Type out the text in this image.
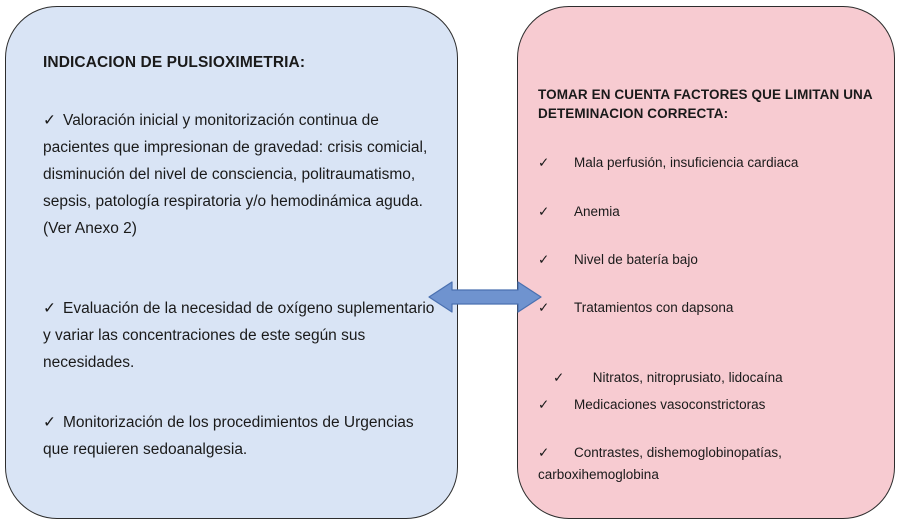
INDICACION DE PULSIOXIMETRIA:

✓ Valoración inicial y monitorización continua de pacientes que impresionan de gravedad: crisis comicial, disminución del nivel de consciencia, politraumatismo, sepsis, patología respiratoria y/o hemodinámica aguda. (Ver Anexo 2)

✓ Evaluación de la necesidad de oxígeno suplementario y variar las concentraciones de este según sus necesidades.

✓ Monitorización de los procedimientos de Urgencias que requieren sedoanalgesia.

TOMAR EN CUENTA FACTORES QUE LIMITAN UNA DETEMINACION CORRECTA:

✓ Mala perfusión, insuficiencia cardiaca

✓ Anemia

✓ Nivel de batería bajo

✓ Tratamientos con dapsona

✓ Nitratos, nitroprusiato, lidocaína

✓ Medicaciones vasoconstrictoras

✓ Contrastes, dishemoglobinopatías, carboxihemoglobina
